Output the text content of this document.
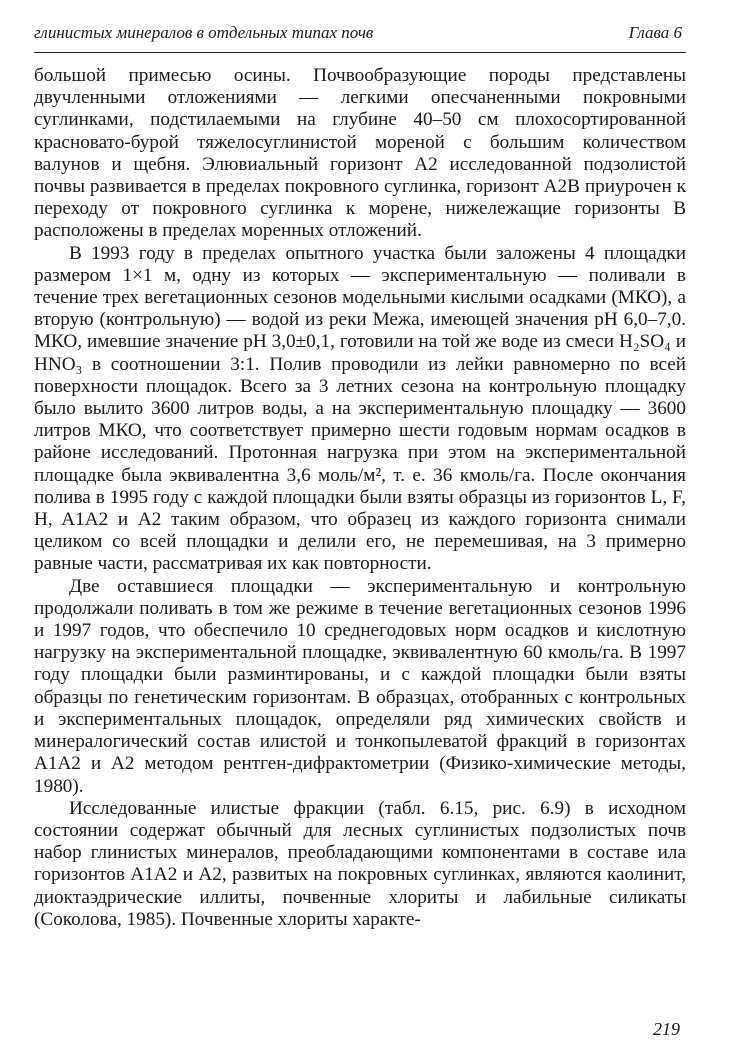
глинистых минералов в отдельных типах почв	Глава 6

большой примесью осины. Почвообразующие породы представлены двучленными отложениями — легкими опесчаненными покровными суглинками, подстилаемыми на глубине 40–50 см плохосортированной красновато-бурой тяжелосуглинистой мореной с большим количеством валунов и щебня. Элювиальный горизонт А2 исследованной подзолистой почвы развивается в пределах покровного суглинка, горизонт А2В приурочен к переходу от покровного суглинка к морене, нижележащие горизонты В расположены в пределах моренных отложений.

В 1993 году в пределах опытного участка были заложены 4 площадки размером 1×1 м, одну из которых — экспериментальную — поливали в течение трех вегетационных сезонов модельными кислыми осадками (МКО), а вторую (контрольную) — водой из реки Межа, имеющей значения pH 6,0–7,0. МКО, имевшие значение pH 3,0±0,1, готовили на той же воде из смеси H₂SO₄ и HNO₃ в соотношении 3:1. Полив проводили из лейки равномерно по всей поверхности площадок. Всего за 3 летних сезона на контрольную площадку было вылито 3600 литров воды, а на экспериментальную площадку — 3600 литров МКО, что соответствует примерно шести годовым нормам осадков в районе исследований. Протонная нагрузка при этом на экспериментальной площадке была эквивалентна 3,6 моль/м², т. е. 36 кмоль/га. После окончания полива в 1995 году с каждой площадки были взяты образцы из горизонтов L, F, H, A1A2 и A2 таким образом, что образец из каждого горизонта снимали целиком со всей площадки и делили его, не перемешивая, на 3 примерно равные части, рассматривая их как повторности.

Две оставшиеся площадки — экспериментальную и контрольную продолжали поливать в том же режиме в течение вегетационных сезонов 1996 и 1997 годов, что обеспечило 10 среднегодовых норм осадков и кислотную нагрузку на экспериментальной площадке, эквивалентную 60 кмоль/га. В 1997 году площадки были разминтированы, и с каждой площадки были взяты образцы по генетическим горизонтам. В образцах, отобранных с контрольных и экспериментальных площадок, определяли ряд химических свойств и минералогический состав илистой и тонкопылеватой фракций в горизонтах A1A2 и A2 методом рентген-дифрактометрии (Физико-химические методы, 1980).

Исследованные илистые фракции (табл. 6.15, рис. 6.9) в исходном состоянии содержат обычный для лесных суглинистых подзолистых почв набор глинистых минералов, преобладающими компонентами в составе ила горизонтов A1A2 и A2, развитых на покровных суглинках, являются каолинит, диоктаэдрические иллиты, почвенные хлориты и лабильные силикаты (Соколова, 1985). Почвенные хлориты характе-

219
